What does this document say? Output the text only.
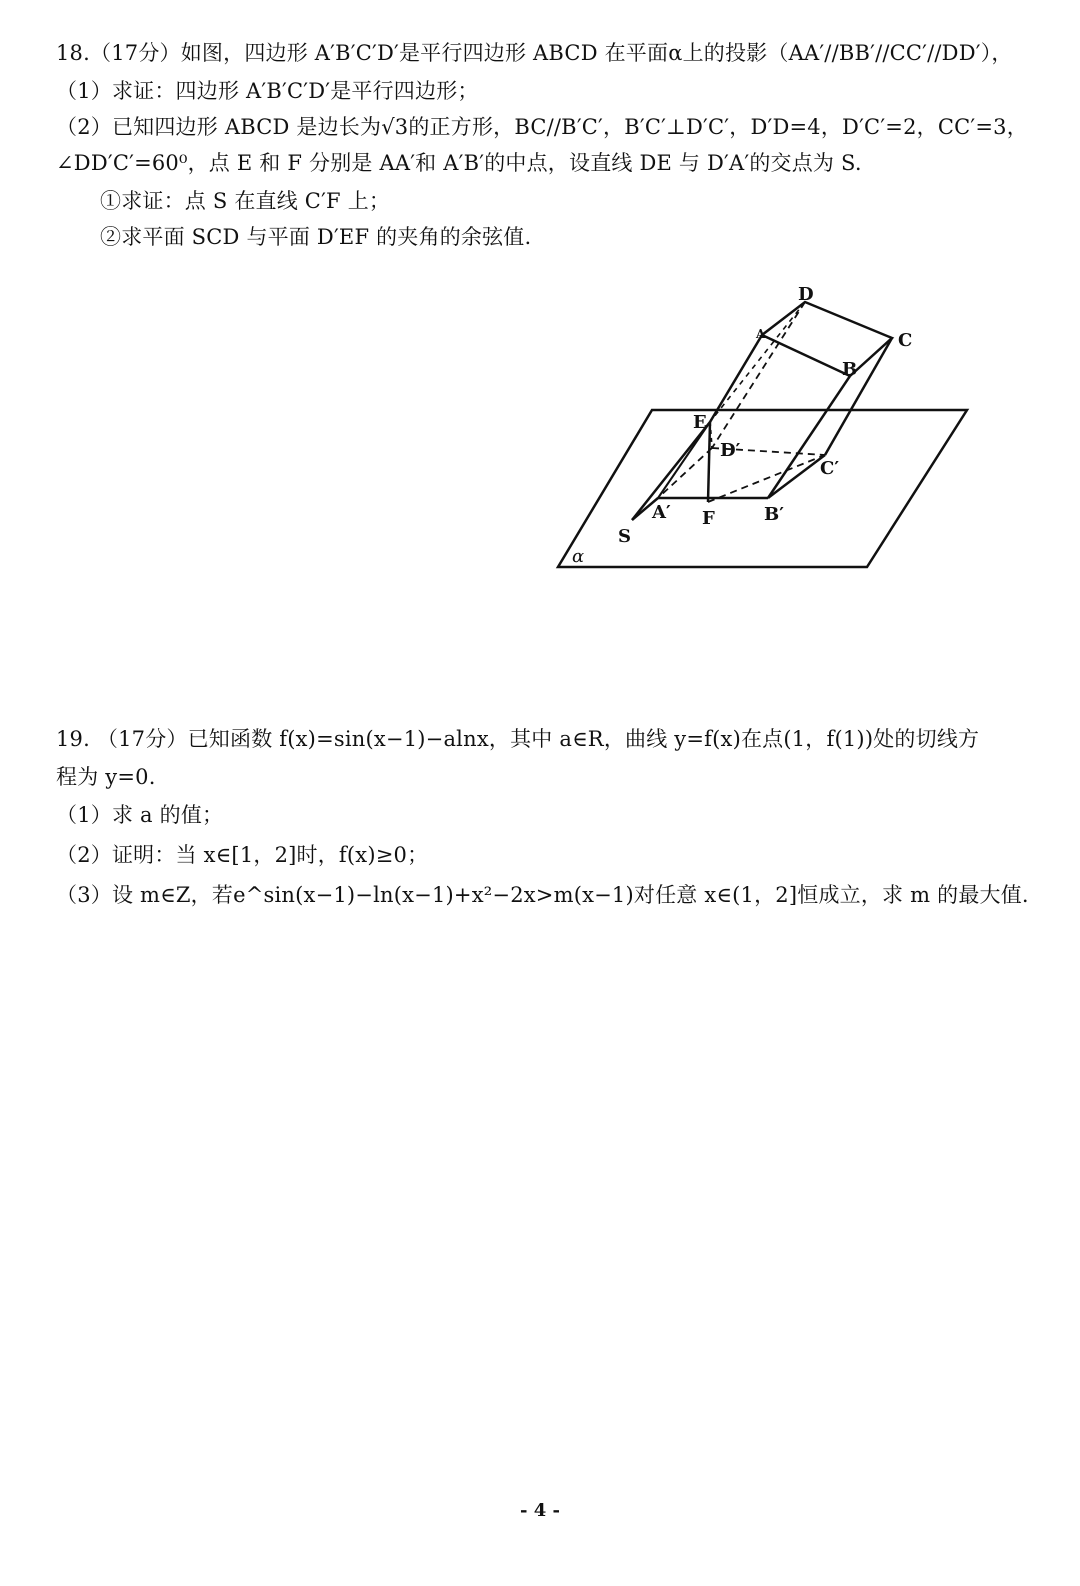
18.（17分）如图，四边形 A′B′C′D′是平行四边形 ABCD 在平面α上的投影（AA′//BB′//CC′//DD′），
（1）求证：四边形 A′B′C′D′是平行四边形；
（2）已知四边形 ABCD 是边长为√3的正方形，BC//B′C′，B′C′⊥D′C′，D′D=4，D′C′=2，CC′=3，
∠DD′C′=60⁰，点 E 和 F 分别是 AA′和 A′B′的中点，设直线 DE 与 D′A′的交点为 S.
①求证：点 S 在直线 C′F 上；
②求平面 SCD 与平面 D′EF 的夹角的余弦值.
D
C
B
A
E
D′
C′
A′ F	B′
S
α
19. （17分）已知函数 f(x)=sin(x−1)−alnx，其中 a∈R，曲线 y=f(x)在点(1，f(1))处的切线方
程为 y=0.
（1）求 a 的值；
（2）证明：当 x∈[1，2]时，f(x)≥0；
（3）设 m∈Z，若e^sin(x−1)−ln(x−1)+x²−2x>m(x−1)对任意 x∈(1，2]恒成立，求 m 的最大值.
- 4 -
